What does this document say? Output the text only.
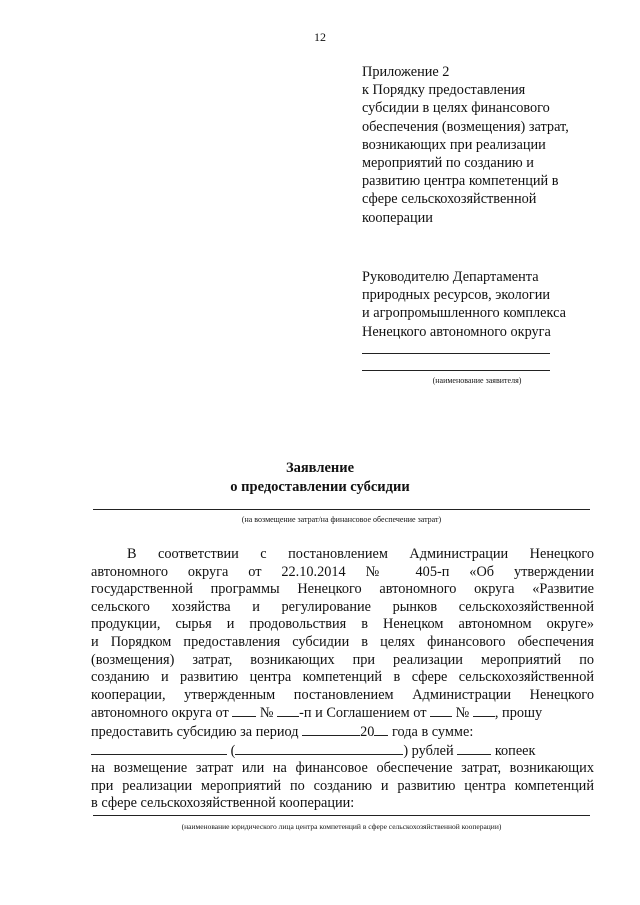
12
Приложение 2
к Порядку предоставления
субсидии в целях финансового
обеспечения (возмещения) затрат,
возникающих при реализации
мероприятий по созданию и
развитию центра компетенций в
сфере сельскохозяйственной
кооперации
Руководителю Департамента
природных ресурсов, экологии
и агропромышленного комплекса
Ненецкого автономного округа
(наименование заявителя)
Заявление
о предоставлении субсидии
(на возмещение затрат/на финансовое обеспечение затрат)
В соответствии с постановлением Администрации Ненецкого
автономного округа от 22.10.2014 № 405-п «Об утверждении
государственной программы Ненецкого автономного округа «Развитие
сельского хозяйства и регулирование рынков сельскохозяйственной
продукции, сырья и продовольствия в Ненецком автономном округе»
и Порядком предоставления субсидии в целях финансового обеспечения
(возмещения) затрат, возникающих при реализации мероприятий по
созданию и развитию центра компетенций в сфере сельскохозяйственной
кооперации, утвержденным постановлением Администрации Ненецкого
автономного округа от № -п и Соглашением от № , прошу
предоставить субсидию за период	20 года в сумме:
(	) рублей	копеек
на возмещение затрат или на финансовое обеспечение затрат, возникающих
при реализации мероприятий по созданию и развитию центра компетенций
в сфере сельскохозяйственной кооперации:
(наименование юридического лица центра компетенций в сфере сельскохозяйственной кооперации)
